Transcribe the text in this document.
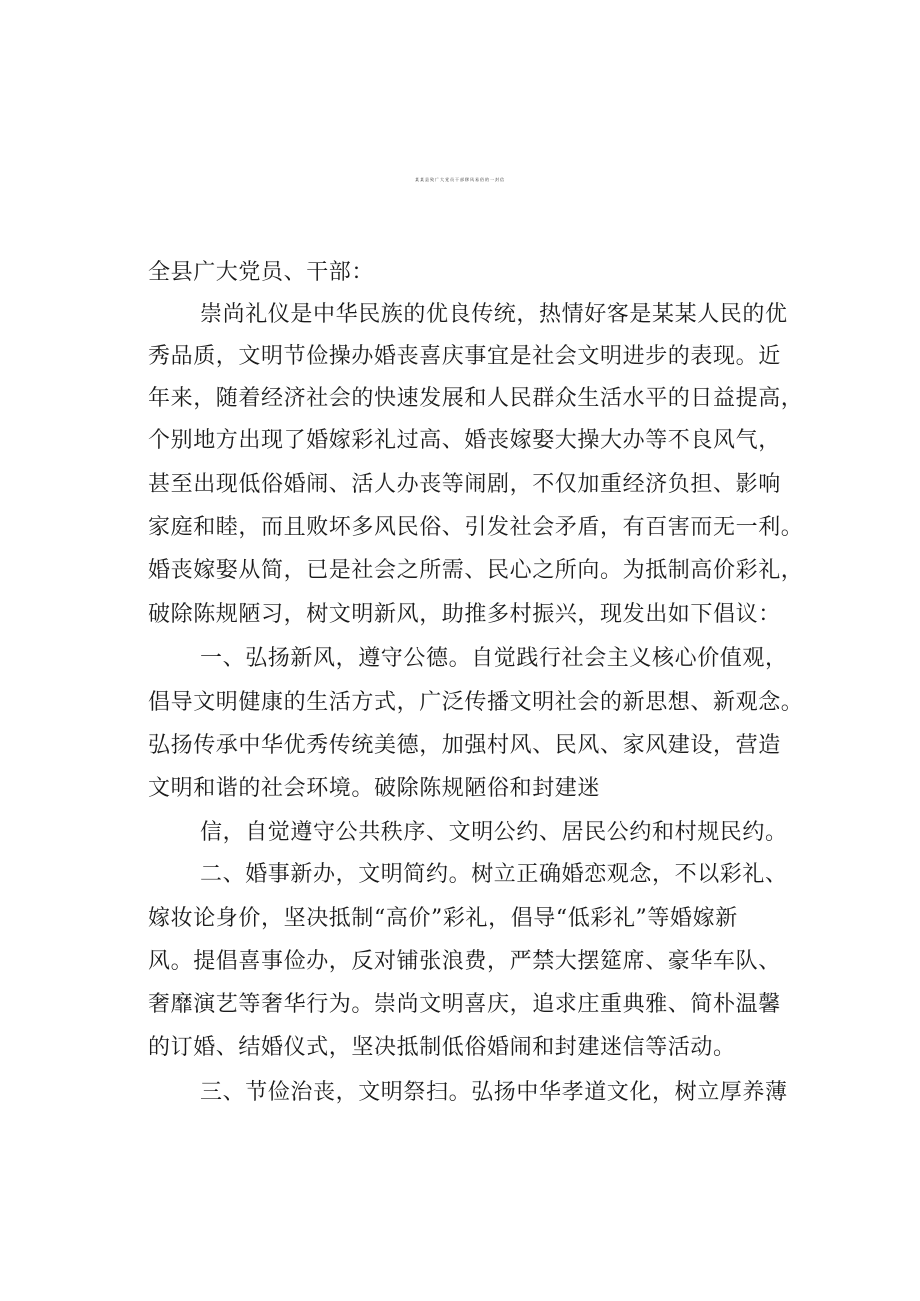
某某县致广大党员干部移风易俗的一封信
全县广大党员、干部：
崇尚礼仪是中华民族的优良传统，热情好客是某某人民的优
秀品质，文明节俭操办婚丧喜庆事宜是社会文明进步的表现。近
年来，随着经济社会的快速发展和人民群众生活水平的日益提高，
个别地方出现了婚嫁彩礼过高、婚丧嫁娶大操大办等不良风气，
甚至出现低俗婚闹、活人办丧等闹剧，不仅加重经济负担、影响
家庭和睦，而且败坏多风民俗、引发社会矛盾，有百害而无一利。
婚丧嫁娶从简，已是社会之所需、民心之所向。为抵制高价彩礼，
破除陈规陋习，树文明新风，助推多村振兴，现发出如下倡议：
一、弘扬新风，遵守公德。自觉践行社会主义核心价值观，
倡导文明健康的生活方式，广泛传播文明社会的新思想、新观念。
弘扬传承中华优秀传统美德，加强村风、民风、家风建设，营造
文明和谐的社会环境。破除陈规陋俗和封建迷
信，自觉遵守公共秩序、文明公约、居民公约和村规民约。
二、婚事新办，文明简约。树立正确婚恋观念，不以彩礼、
嫁妆论身价，坚决抵制“高价”彩礼，倡导“低彩礼”等婚嫁新
风。提倡喜事俭办，反对铺张浪费，严禁大摆筵席、豪华车队、
奢靡演艺等奢华行为。崇尚文明喜庆，追求庄重典雅、简朴温馨
的订婚、结婚仪式，坚决抵制低俗婚闹和封建迷信等活动。
三、节俭治丧，文明祭扫。弘扬中华孝道文化，树立厚养薄
